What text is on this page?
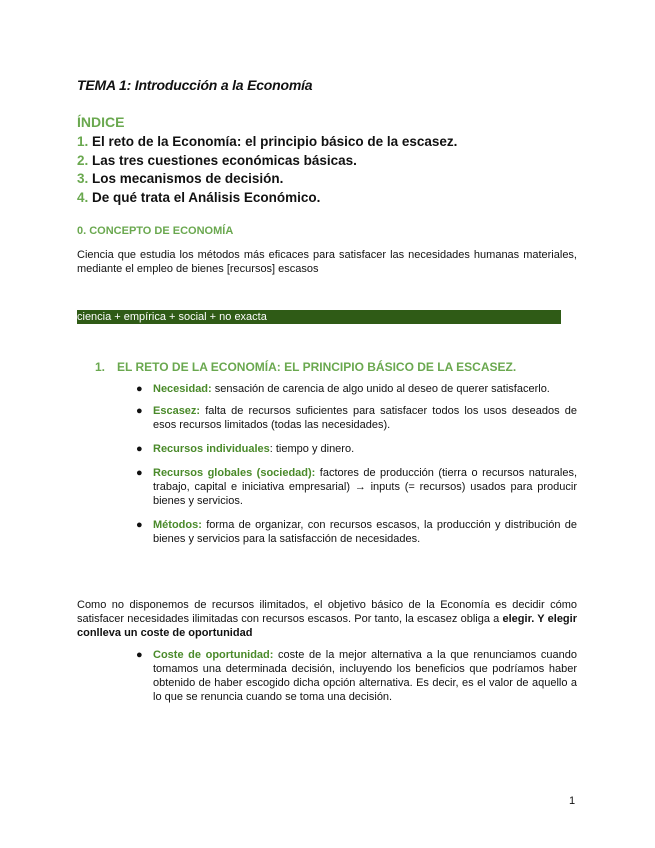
TEMA 1: Introducción a la Economía
ÍNDICE
1. El reto de la Economía: el principio básico de la escasez.
2. Las tres cuestiones económicas básicas.
3. Los mecanismos de decisión.
4. De qué trata el Análisis Económico.
0. CONCEPTO DE ECONOMÍA
Ciencia que estudia los métodos más eficaces para satisfacer las necesidades humanas materiales, mediante el empleo de bienes [recursos] escasos
ciencia + empírica + social + no exacta
1. EL RETO DE LA ECONOMÍA: EL PRINCIPIO BÁSICO DE LA ESCASEZ.
● Necesidad: sensación de carencia de algo unido al deseo de querer satisfacerlo.
● Escasez: falta de recursos suficientes para satisfacer todos los usos deseados de esos recursos limitados (todas las necesidades).
● Recursos individuales: tiempo y dinero.
● Recursos globales (sociedad): factores de producción (tierra o recursos naturales, trabajo, capital e iniciativa empresarial) → inputs (= recursos) usados para producir bienes y servicios.
● Métodos: forma de organizar, con recursos escasos, la producción y distribución de bienes y servicios para la satisfacción de necesidades.
Como no disponemos de recursos ilimitados, el objetivo básico de la Economía es decidir cómo satisfacer necesidades ilimitadas con recursos escasos. Por tanto, la escasez obliga a elegir. Y elegir conlleva un coste de oportunidad
● Coste de oportunidad: coste de la mejor alternativa a la que renunciamos cuando tomamos una determinada decisión, incluyendo los beneficios que podríamos haber obtenido de haber escogido dicha opción alternativa. Es decir, es el valor de aquello a lo que se renuncia cuando se toma una decisión.
1
